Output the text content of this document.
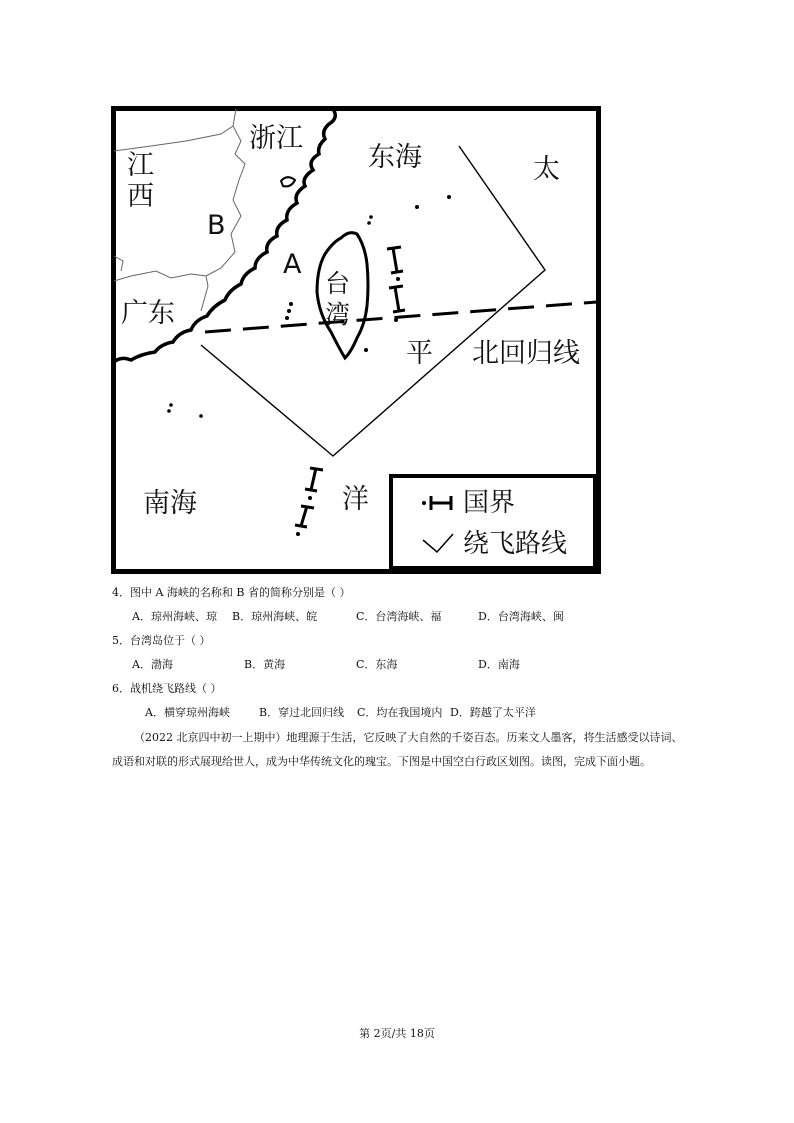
浙江
江
西
东海	太
B
A
台
湾
广东
平 北回归线
南海	洋	国界
绕飞路线

4．图中 A 海峡的名称和 B 省的简称分别是（ ）

A．琼州海峡、琼	B．琼州海峡、皖	C．台湾海峡、福	D．台湾海峡、闽

5．台湾岛位于（ ）

A．渤海	B．黄海	C．东海	D．南海

6．战机绕飞路线（ ）

A．横穿琼州海峡	B．穿过北回归线	C．均在我国境内 D．跨越了太平洋

（2022 北京四中初一上期中）地理源于生活，它反映了大自然的千姿百态。历来文人墨客，将生活感受以诗词、成语和对联的形式展现给世人，成为中华传统文化的瑰宝。下图是中国空白行政区划图。读图，完成下面小题。

第 2页/共 18页
